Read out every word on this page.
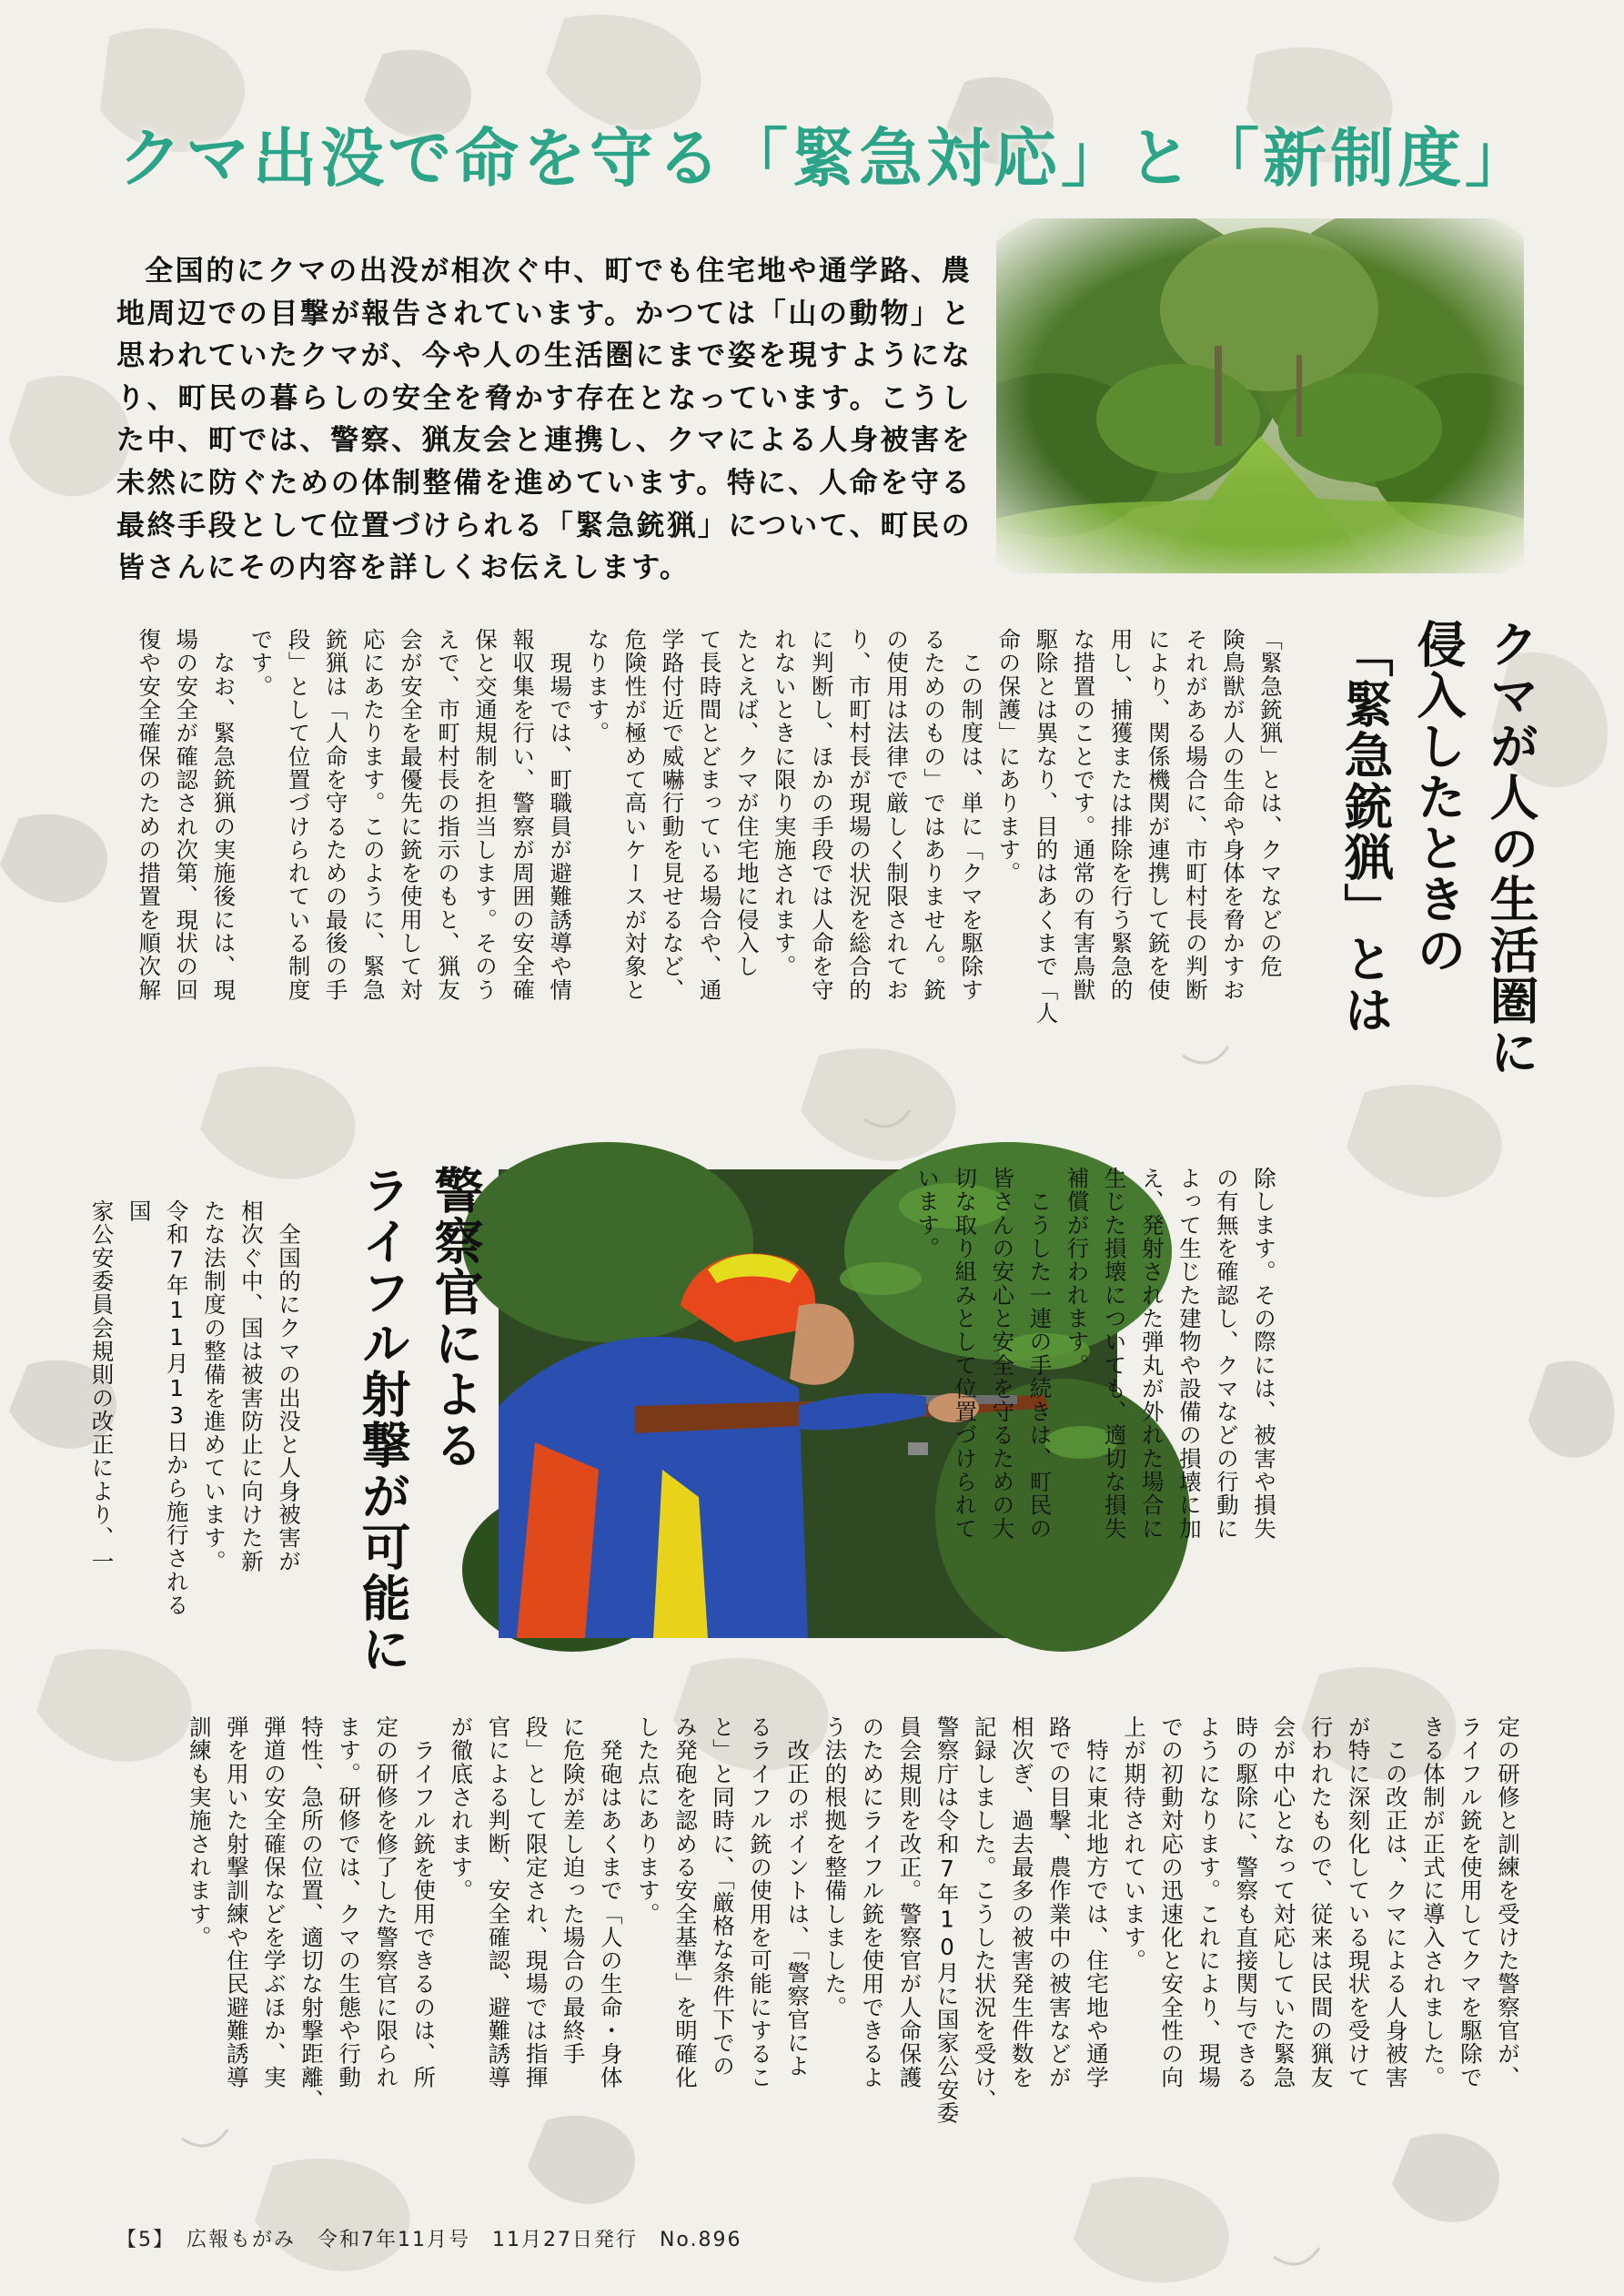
クマ出没で命を守る「緊急対応」と「新制度」
全国的にクマの出没が相次ぐ中、町でも住宅地や通学路、農地周辺での目撃が報告されています。かつては「山の動物」と思われていたクマが、今や人の生活圏にまで姿を現すようになり、町民の暮らしの安全を脅かす存在となっています。こうした中、町では、警察、猟友会と連携し、クマによる人身被害を未然に防ぐための体制整備を進めています。特に、人命を守る最終手段として位置づけられる「緊急銃猟」について、町民の皆さんにその内容を詳しくお伝えします。
クマが人の生活圏に
侵入したときの
「緊急銃猟」とは
「緊急銃猟」とは、クマなどの危
険鳥獣が人の生命や身体を脅かすお
それがある場合に、市町村長の判断
により、関係機関が連携して銃を使
用し、捕獲または排除を行う緊急的
な措置のことです。通常の有害鳥獣
駆除とは異なり、目的はあくまで「人
命の保護」にあります。
　この制度は、単に「クマを駆除す
るためのもの」ではありません。銃
の使用は法律で厳しく制限されてお
り、市町村長が現場の状況を総合的
に判断し、ほかの手段では人命を守
れないときに限り実施されます。
たとえば、クマが住宅地に侵入し
て長時間とどまっている場合や、通
学路付近で威嚇行動を見せるなど、
危険性が極めて高いケースが対象と
なります。
　現場では、町職員が避難誘導や情
報収集を行い、警察が周囲の安全確
保と交通規制を担当します。そのう
えで、市町村長の指示のもと、猟友
会が安全を最優先に銃を使用して対
応にあたります。このように、緊急
銃猟は「人命を守るための最後の手
段」として位置づけられている制度
です。
　なお、緊急銃猟の実施後には、現
場の安全が確認され次第、現状の回
復や安全確保のための措置を順次解
除します。その際には、被害や損失
の有無を確認し、クマなどの行動に
よって生じた建物や設備の損壊に加
え、発射された弾丸が外れた場合に
生じた損壊についても、適切な損失
補償が行われます。
　こうした一連の手続きは、町民の
皆さんの安心と安全を守るための大
切な取り組みとして位置づけられて
います。
警察官による
ライフル射撃が可能に
　全国的にクマの出没と人身被害が
相次ぐ中、国は被害防止に向けた新
たな法制度の整備を進めています。
令和7年11月13日から施行される国
家公安委員会規則の改正により、一
定の研修と訓練を受けた警察官が、
ライフル銃を使用してクマを駆除で
きる体制が正式に導入されました。
　この改正は、クマによる人身被害
が特に深刻化している現状を受けて
行われたもので、従来は民間の猟友
会が中心となって対応していた緊急
時の駆除に、警察も直接関与できる
ようになります。これにより、現場
での初動対応の迅速化と安全性の向
上が期待されています。
　特に東北地方では、住宅地や通学
路での目撃、農作業中の被害などが
相次ぎ、過去最多の被害発生件数を
記録しました。こうした状況を受け、
警察庁は令和7年10月に国家公安委
員会規則を改正。警察官が人命保護
のためにライフル銃を使用できるよ
う法的根拠を整備しました。
　改正のポイントは、「警察官によ
るライフル銃の使用を可能にするこ
と」と同時に、「厳格な条件下での
み発砲を認める安全基準」を明確化
した点にあります。
　発砲はあくまで「人の生命・身体
に危険が差し迫った場合の最終手
段」として限定され、現場では指揮
官による判断、安全確認、避難誘導
が徹底されます。
　ライフル銃を使用できるのは、所
定の研修を修了した警察官に限られ
ます。研修では、クマの生態や行動
特性、急所の位置、適切な射撃距離、
弾道の安全確保などを学ぶほか、実
弾を用いた射撃訓練や住民避難誘導
訓練も実施されます。
【5】　広報もがみ　令和7年11月号　11月27日発行　No.896
